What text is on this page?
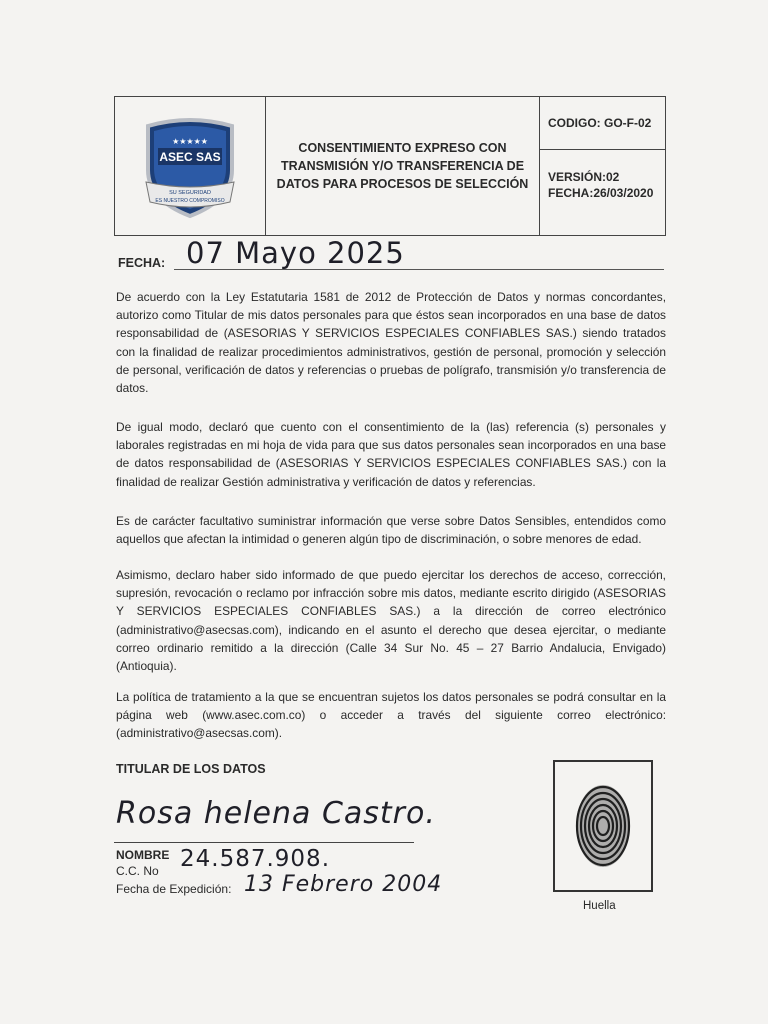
★★★★★
ASEC SAS
SU SEGURIDAD
ES NUESTRO COMPROMISO
CONSENTIMIENTO EXPRESO CON TRANSMISIÓN Y/O TRANSFERENCIA DE DATOS PARA PROCESOS DE SELECCIÓN
CODIGO: GO-F-02
VERSIÓN:02
FECHA:26/03/2020
FECHA: 07 Mayo 2025

De acuerdo con la Ley Estatutaria 1581 de 2012 de Protección de Datos y normas concordantes, autorizo como Titular de mis datos personales para que éstos sean incorporados en una base de datos responsabilidad de (ASESORIAS Y SERVICIOS ESPECIALES CONFIABLES SAS.) siendo tratados con la finalidad de realizar procedimientos administrativos, gestión de personal, promoción y selección de personal, verificación de datos y referencias o pruebas de polígrafo, transmisión y/o transferencia de datos.

De igual modo, declaró que cuento con el consentimiento de la (las) referencia (s) personales y laborales registradas en mi hoja de vida para que sus datos personales sean incorporados en una base de datos responsabilidad de (ASESORIAS Y SERVICIOS ESPECIALES CONFIABLES SAS.) con la finalidad de realizar Gestión administrativa y verificación de datos y referencias.

Es de carácter facultativo suministrar información que verse sobre Datos Sensibles, entendidos como aquellos que afectan la intimidad o generen algún tipo de discriminación, o sobre menores de edad.

Asimismo, declaro haber sido informado de que puedo ejercitar los derechos de acceso, corrección, supresión, revocación o reclamo por infracción sobre mis datos, mediante escrito dirigido (ASESORIAS Y SERVICIOS ESPECIALES CONFIABLES SAS.) a la dirección de correo electrónico (administrativo@asecsas.com), indicando en el asunto el derecho que desea ejercitar, o mediante correo ordinario remitido a la dirección (Calle 34 Sur No. 45 – 27 Barrio Andalucia, Envigado) (Antioquia).

La política de tratamiento a la que se encuentran sujetos los datos personales se podrá consultar en la página web (www.asec.com.co) o acceder a través del siguiente correo electrónico: (administrativo@asecsas.com).

TITULAR DE LOS DATOS
Rosa helena Castro.
NOMBRE
C.C. No 24.587.908.
Fecha de Expedición: 13 Febrero 2004
Huella
